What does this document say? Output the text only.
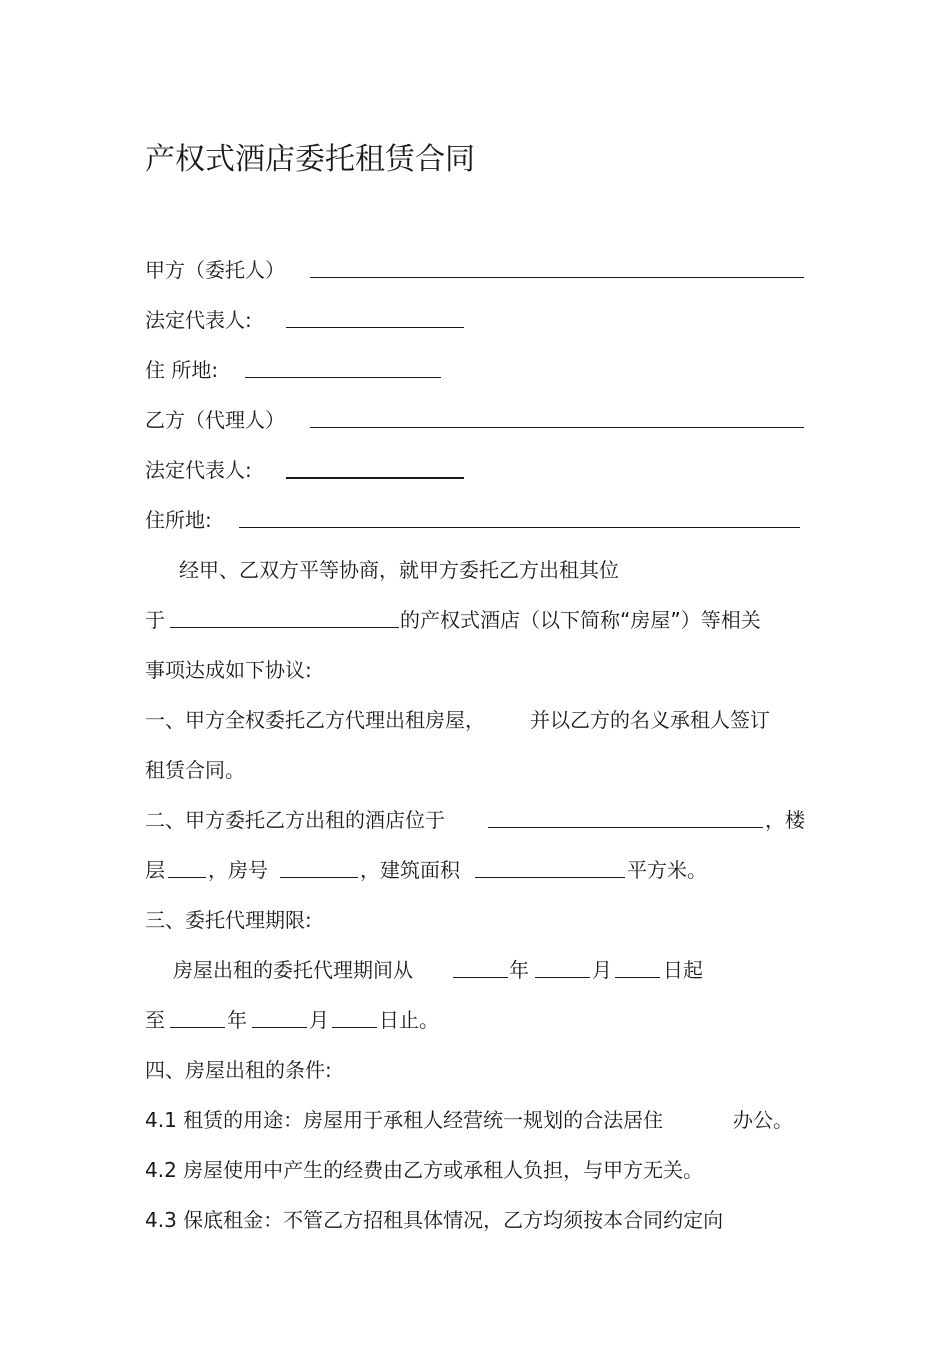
产权式酒店委托租赁合同
甲方（委托人）
法定代表人:
住 所地:
乙方（代理人）
法定代表人:
住所地:
经甲、乙双方平等协商，就甲方委托乙方出租其位
于	的产权式酒店（以下简称“房屋”）等相关
事项达成如下协议:
一、甲方全权委托乙方代理出租房屋， 并以乙方的名义承租人签订
租赁合同。
二、甲方委托乙方出租的酒店位于	，楼
层 ，房号	，建筑面积	平方米。
三、委托代理期限:
房屋出租的委托代理期间从	年	月	日起
至	年	月	日止。
四、房屋出租的条件:
4.1 租赁的用途：房屋用于承租人经营统一规划的合法居住	办公。
4.2 房屋使用中产生的经费由乙方或承租人负担，与甲方无关。
4.3 保底租金：不管乙方招租具体情况，乙方均须按本合同约定向
